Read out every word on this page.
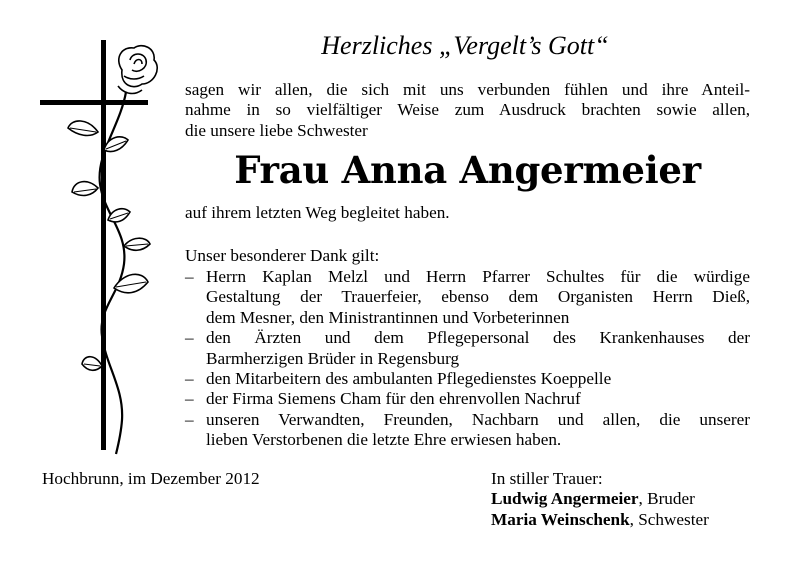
Herzliches „Vergelt’s Gott“
sagen wir allen, die sich mit uns verbunden fühlen und ihre Anteil-
nahme in so vielfältiger Weise zum Ausdruck brachten sowie allen,
die unsere liebe Schwester
Frau Anna Angermeier
auf ihrem letzten Weg begleitet haben.
Unser besonderer Dank gilt:
– Herrn Kaplan Melzl und Herrn Pfarrer Schultes für die würdige
Gestaltung der Trauerfeier, ebenso dem Organisten Herrn Dieß,
dem Mesner, den Ministrantinnen und Vorbeterinnen
– den Ärzten und dem Pflegepersonal des Krankenhauses der
Barmherzigen Brüder in Regensburg
– den Mitarbeitern des ambulanten Pflegedienstes Koeppelle
– der Firma Siemens Cham für den ehrenvollen Nachruf
– unseren Verwandten, Freunden, Nachbarn und allen, die unserer
lieben Verstorbenen die letzte Ehre erwiesen haben.
Hochbrunn, im Dezember 2012	In stiller Trauer:
Ludwig Angermeier, Bruder
Maria Weinschenk, Schwester
